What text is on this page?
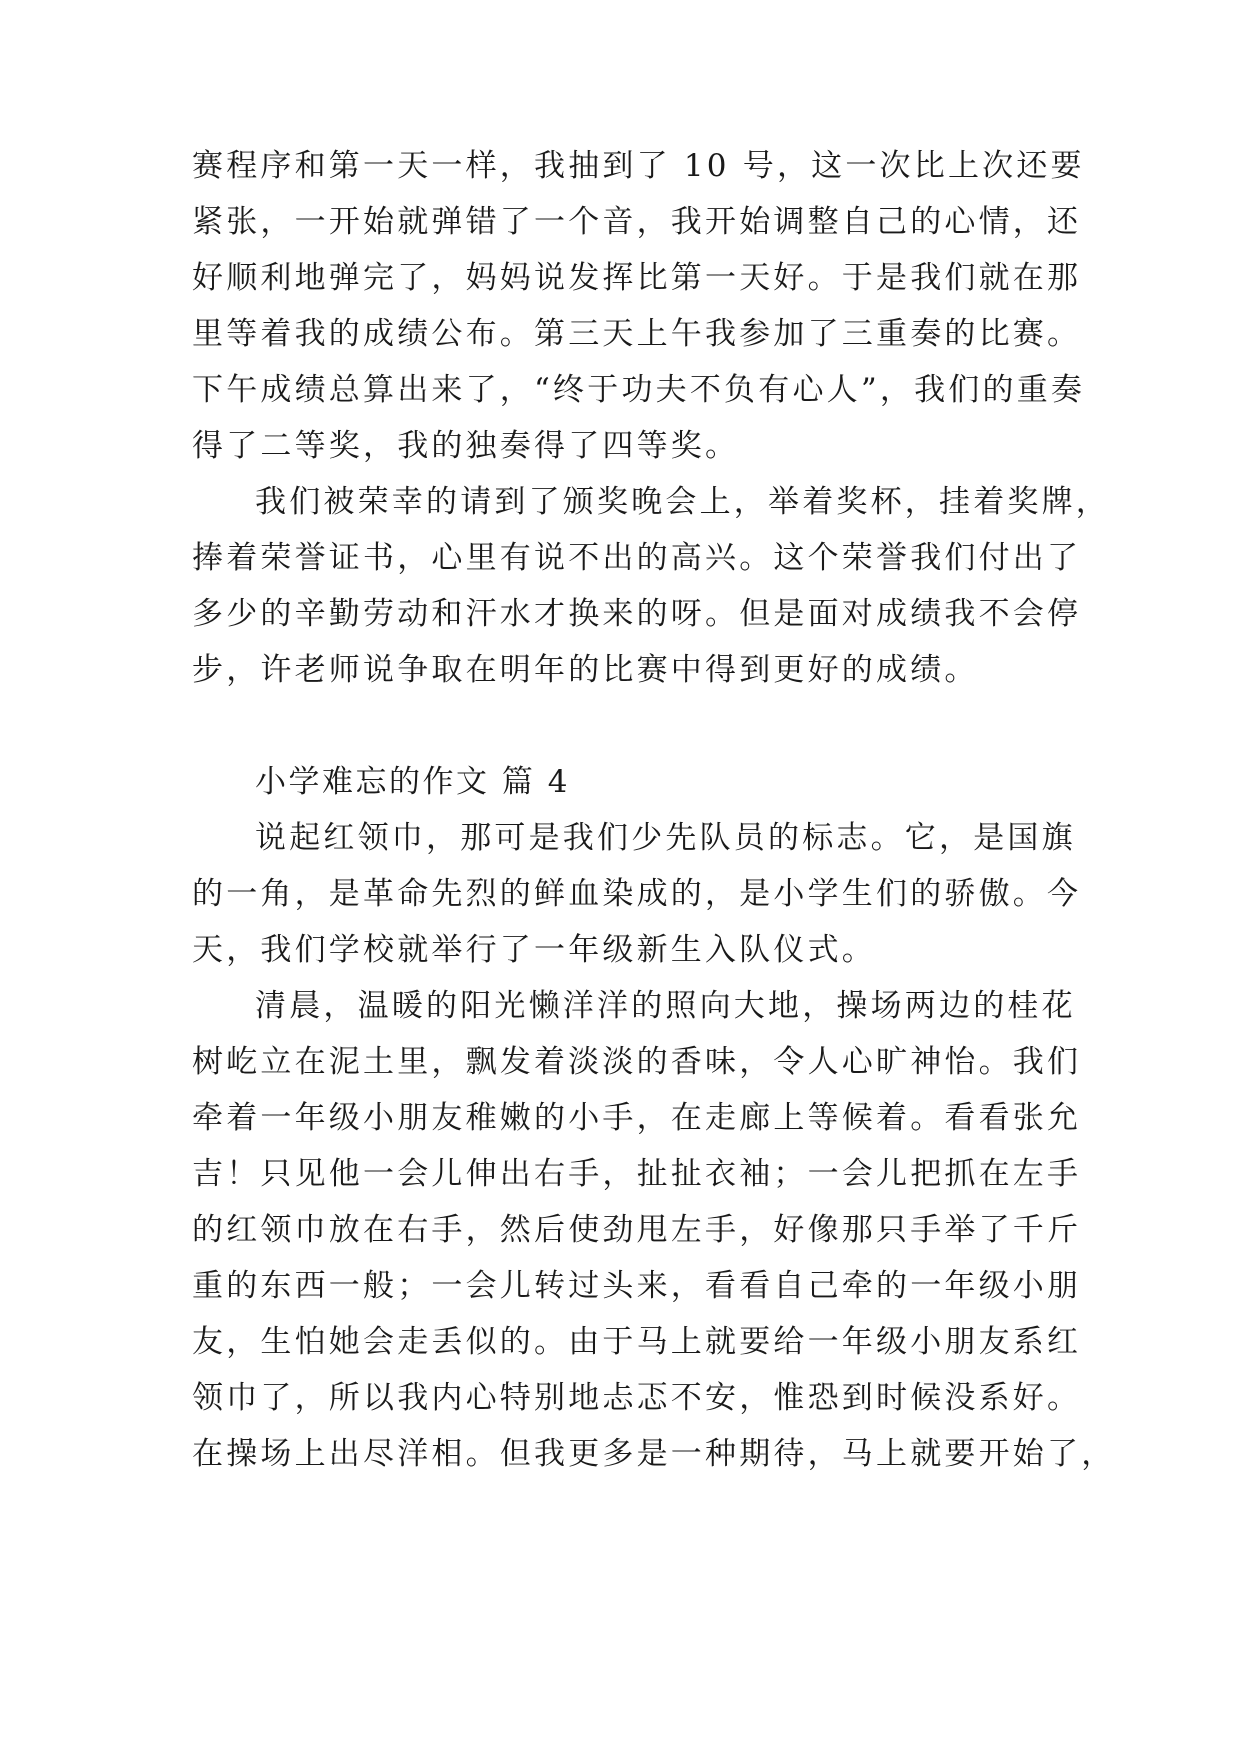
赛程序和第一天一样，我抽到了 10 号，这一次比上次还要
紧张，一开始就弹错了一个音，我开始调整自己的心情，还
好顺利地弹完了，妈妈说发挥比第一天好。于是我们就在那
里等着我的成绩公布。第三天上午我参加了三重奏的比赛。
下午成绩总算出来了，“终于功夫不负有心人”，我们的重奏
得了二等奖，我的独奏得了四等奖。
我们被荣幸的请到了颁奖晚会上，举着奖杯，挂着奖牌，
捧着荣誉证书，心里有说不出的高兴。这个荣誉我们付出了
多少的辛勤劳动和汗水才换来的呀。但是面对成绩我不会停
步，许老师说争取在明年的比赛中得到更好的成绩。
小学难忘的作文 篇 4
说起红领巾，那可是我们少先队员的标志。它，是国旗
的一角，是革命先烈的鲜血染成的，是小学生们的骄傲。今
天，我们学校就举行了一年级新生入队仪式。
清晨，温暖的阳光懒洋洋的照向大地，操场两边的桂花
树屹立在泥土里，飘发着淡淡的香味，令人心旷神怡。我们
牵着一年级小朋友稚嫩的小手，在走廊上等候着。看看张允
吉！只见他一会儿伸出右手，扯扯衣袖；一会儿把抓在左手
的红领巾放在右手，然后使劲甩左手，好像那只手举了千斤
重的东西一般；一会儿转过头来，看看自己牵的一年级小朋
友，生怕她会走丢似的。由于马上就要给一年级小朋友系红
领巾了，所以我内心特别地忐忑不安，惟恐到时候没系好。
在操场上出尽洋相。但我更多是一种期待，马上就要开始了，
